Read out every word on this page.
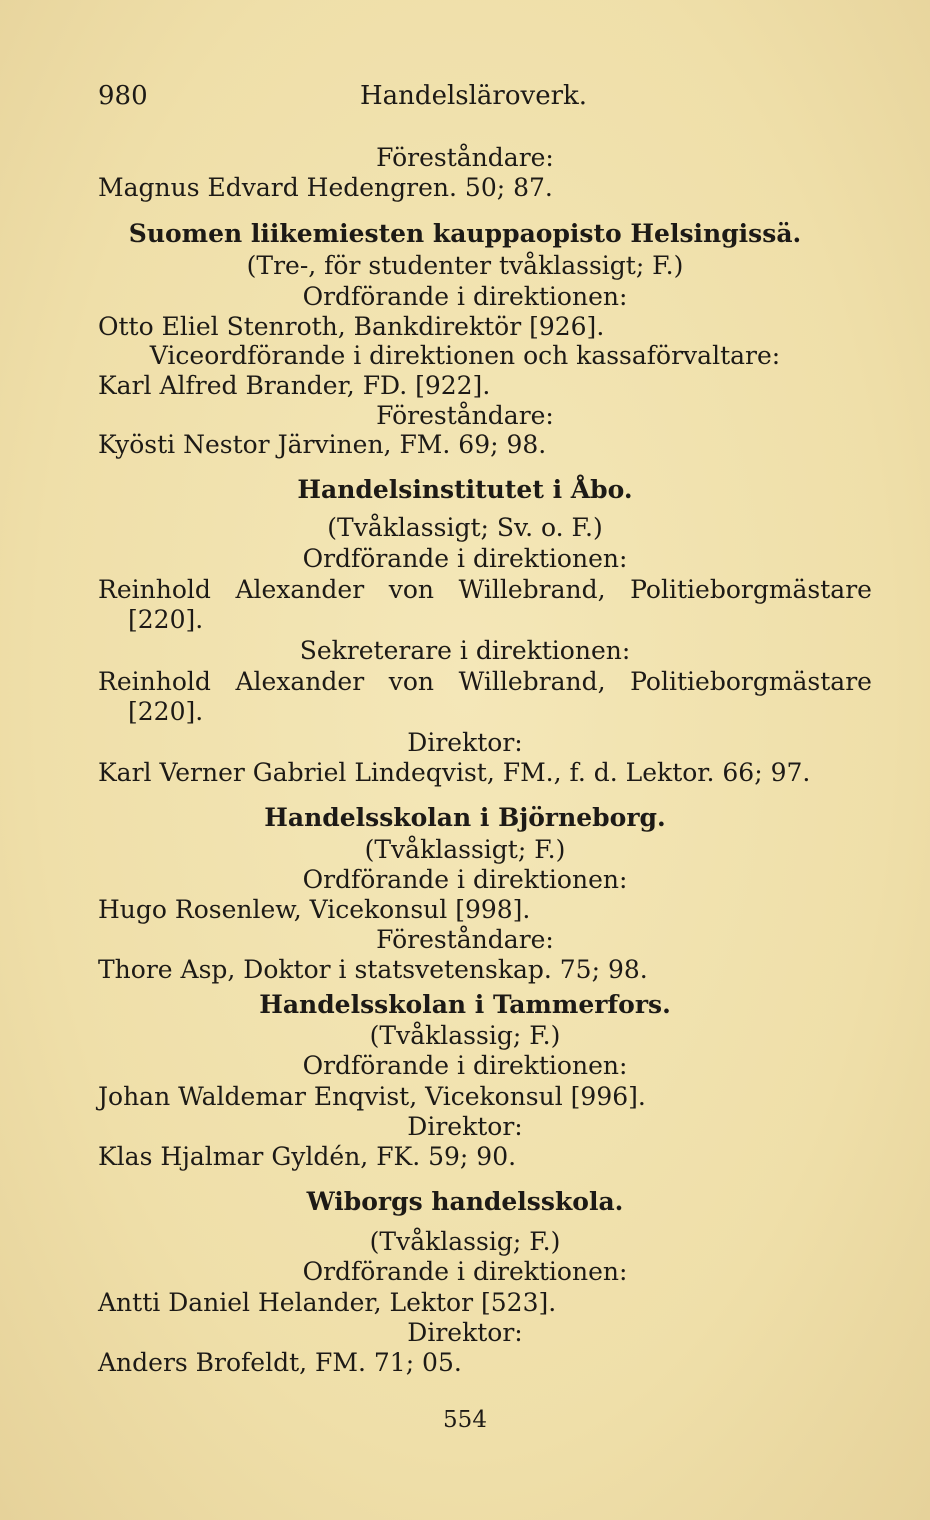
980	Handelsläroverk.
Föreståndare:
Magnus Edvard Hedengren. 50; 87.
Suomen liikemiesten kauppaopisto Helsingissä.
(Tre-, för studenter tvåklassigt; F.)
Ordförande i direktionen:
Otto Eliel Stenroth, Bankdirektör [926].
Viceordförande i direktionen och kassaförvaltare:
Karl Alfred Brander, FD. [922].
Föreståndare:
Kyösti Nestor Järvinen, FM. 69; 98.
Handelsinstitutet i Åbo.
(Tvåklassigt; Sv. o. F.)
Ordförande i direktionen:
Reinhold Alexander von Willebrand, Politieborgmästare
[220].
Sekreterare i direktionen:
Reinhold Alexander von Willebrand, Politieborgmästare
[220].
Direktor:
Karl Verner Gabriel Lindeqvist, FM., f. d. Lektor. 66; 97.
Handelsskolan i Björneborg.
(Tvåklassigt; F.)
Ordförande i direktionen:
Hugo Rosenlew, Vicekonsul [998].
Föreståndare:
Thore Asp, Doktor i statsvetenskap. 75; 98.
Handelsskolan i Tammerfors.
(Tvåklassig; F.)
Ordförande i direktionen:
Johan Waldemar Enqvist, Vicekonsul [996].
Direktor:
Klas Hjalmar Gyldén, FK. 59; 90.
Wiborgs handelsskola.
(Tvåklassig; F.)
Ordförande i direktionen:
Antti Daniel Helander, Lektor [523].
Direktor:
Anders Brofeldt, FM. 71; 05.
554
